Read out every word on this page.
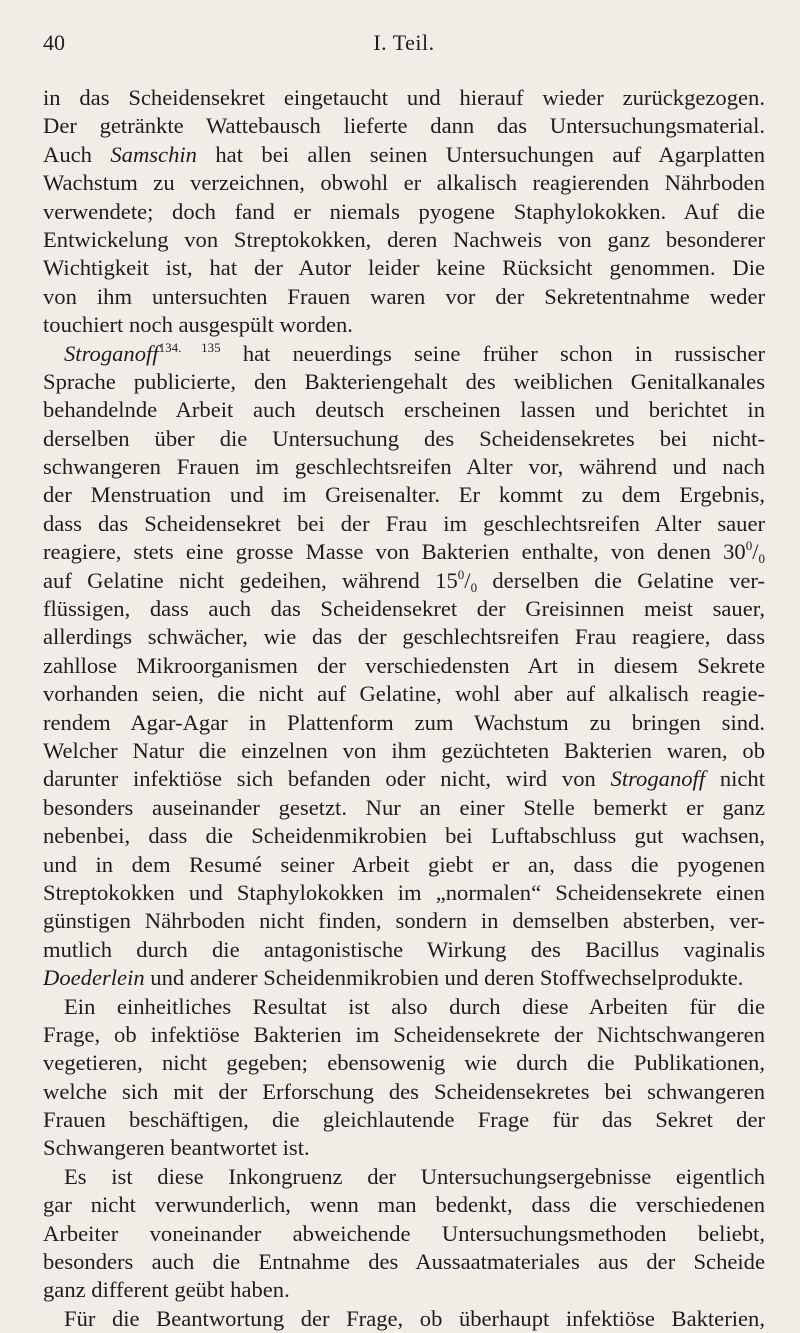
40	I. Teil.
in das Scheidensekret eingetaucht und hierauf wieder zurückgezogen.
Der getränkte Wattebausch lieferte dann das Untersuchungsmaterial.
Auch Samschin hat bei allen seinen Untersuchungen auf Agarplatten
Wachstum zu verzeichnen, obwohl er alkalisch reagierenden Nährboden
verwendete; doch fand er niemals pyogene Staphylokokken. Auf die
Entwickelung von Streptokokken, deren Nachweis von ganz besonderer
Wichtigkeit ist, hat der Autor leider keine Rücksicht genommen. Die
von ihm untersuchten Frauen waren vor der Sekretentnahme weder
touchiert noch ausgespült worden.
Stroganoff$^{134. 135}$ hat neuerdings seine früher schon in russischer
Sprache publicierte, den Bakteriengehalt des weiblichen Genitalkanales
behandelnde Arbeit auch deutsch erscheinen lassen und berichtet in
derselben über die Untersuchung des Scheidensekretes bei nicht-
schwangeren Frauen im geschlechtsreifen Alter vor, während und nach
der Menstruation und im Greisenalter. Er kommt zu dem Ergebnis,
dass das Scheidensekret bei der Frau im geschlechtsreifen Alter sauer
reagiere, stets eine grosse Masse von Bakterien enthalte, von denen $30^0/_0$
auf Gelatine nicht gedeihen, während $15^0/_0$ derselben die Gelatine ver-
flüssigen, dass auch das Scheidensekret der Greisinnen meist sauer,
allerdings schwächer, wie das der geschlechtsreifen Frau reagiere, dass
zahllose Mikroorganismen der verschiedensten Art in diesem Sekrete
vorhanden seien, die nicht auf Gelatine, wohl aber auf alkalisch reagie-
rendem Agar-Agar in Plattenform zum Wachstum zu bringen sind.
Welcher Natur die einzelnen von ihm gezüchteten Bakterien waren, ob
darunter infektiöse sich befanden oder nicht, wird von Stroganoff nicht
besonders auseinander gesetzt. Nur an einer Stelle bemerkt er ganz
nebenbei, dass die Scheidenmikrobien bei Luftabschluss gut wachsen,
und in dem Resumé seiner Arbeit giebt er an, dass die pyogenen
Streptokokken und Staphylokokken im „normalen“ Scheidensekrete einen
günstigen Nährboden nicht finden, sondern in demselben absterben, ver-
mutlich durch die antagonistische Wirkung des Bacillus vaginalis
Doederlein und anderer Scheidenmikrobien und deren Stoffwechselprodukte.
Ein einheitliches Resultat ist also durch diese Arbeiten für die
Frage, ob infektiöse Bakterien im Scheidensekrete der Nichtschwangeren
vegetieren, nicht gegeben; ebensowenig wie durch die Publikationen,
welche sich mit der Erforschung des Scheidensekretes bei schwangeren
Frauen beschäftigen, die gleichlautende Frage für das Sekret der
Schwangeren beantwortet ist.
Es ist diese Inkongruenz der Untersuchungsergebnisse eigentlich
gar nicht verwunderlich, wenn man bedenkt, dass die verschiedenen
Arbeiter voneinander abweichende Untersuchungsmethoden beliebt,
besonders auch die Entnahme des Aussaatmateriales aus der Scheide
ganz different geübt haben.
Für die Beantwortung der Frage, ob überhaupt infektiöse Bakterien,
